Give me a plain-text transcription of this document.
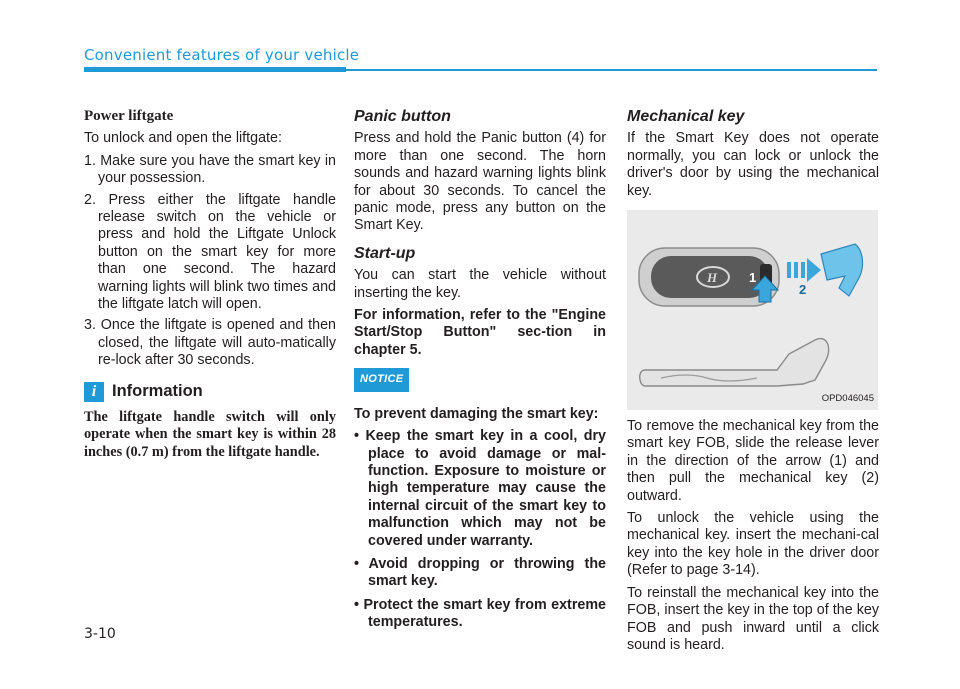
Convenient features of your vehicle
Power liftgate

To unlock and open the liftgate:

1. Make sure you have the smart key in your possession.
2. Press either the liftgate handle release switch on the vehicle or press and hold the Liftgate Unlock button on the smart key for more than one second. The hazard warning lights will blink two times and the liftgate latch will open.
3. Once the liftgate is opened and then closed, the liftgate will auto-matically re-lock after 30 seconds.
i Information
The liftgate handle switch will only operate when the smart key is within 28 inches (0.7 m) from the liftgate handle.
Panic button

Press and hold the Panic button (4) for more than one second. The horn sounds and hazard warning lights blink for about 30 seconds. To cancel the panic mode, press any button on the Smart Key.

Start-up

You can start the vehicle without inserting the key.

For information, refer to the "Engine Start/Stop Button" sec-tion in chapter 5.

NOTICE

To prevent damaging the smart key:

• Keep the smart key in a cool, dry place to avoid damage or mal-function. Exposure to moisture or high temperature may cause the internal circuit of the smart key to malfunction which may not be covered under warranty.
• Avoid dropping or throwing the smart key.
• Protect the smart key from extreme temperatures.
Mechanical key

If the Smart Key does not operate normally, you can lock or unlock the driver's door by using the mechanical key.

H 1
2
OPD046045

To remove the mechanical key from the smart key FOB, slide the release lever in the direction of the arrow (1) and then pull the mechanical key (2) outward.

To unlock the vehicle using the mechanical key. insert the mechani-cal key into the key hole in the driver door (Refer to page 3-14).

To reinstall the mechanical key into the FOB, insert the key in the top of the key FOB and push inward until a click sound is heard.

3-10
